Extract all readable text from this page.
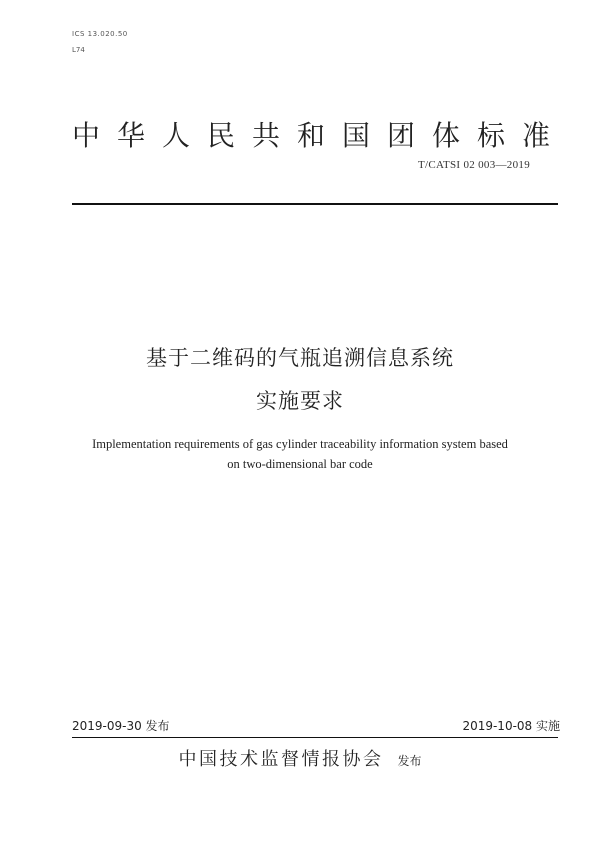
ICS 13.020.50
L74
中华人民共和国团体标准
T/CATSI 02 003—2019
基于二维码的气瓶追溯信息系统
实施要求
Implementation requirements of gas cylinder traceability information system based
on two-dimensional bar code
2019-09-30 发布	2019-10-08 实施
中国技术监督情报协会 发布
